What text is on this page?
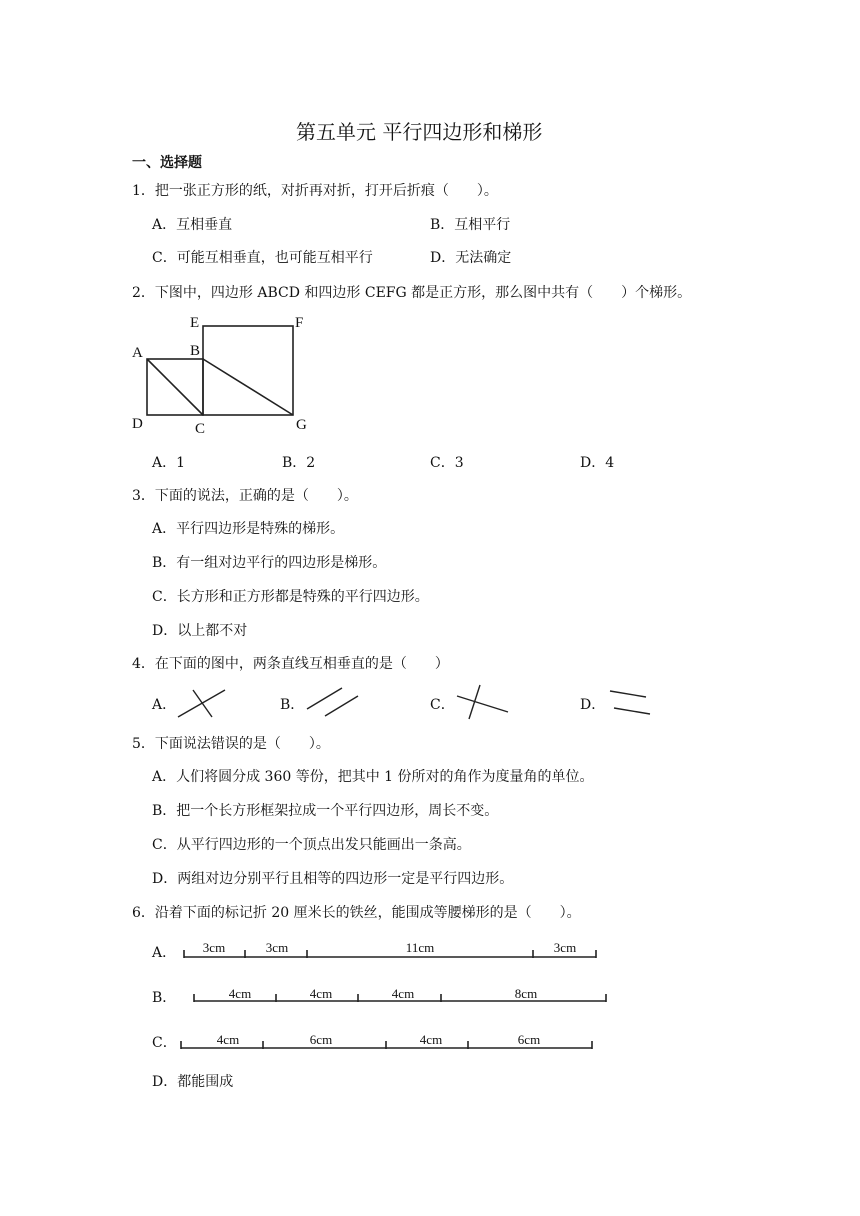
第五单元 平行四边形和梯形
一、选择题
1．把一张正方形的纸，对折再对折，打开后折痕（　　）。
A．互相垂直	B．互相平行
C．可能互相垂直，也可能互相平行	D．无法确定
2．下图中，四边形 ABCD 和四边形 CEFG 都是正方形，那么图中共有（　　）个梯形。
A	B
D	C
E	F
G
A．1	B．2	C．3	D．4
3．下面的说法，正确的是（　　）。
A．平行四边形是特殊的梯形。
B．有一组对边平行的四边形是梯形。
C．长方形和正方形都是特殊的平行四边形。
D．以上都不对
4．在下面的图中，两条直线互相垂直的是（　　）
A．	B．	C．	D．
5．下面说法错误的是（　　）。
A．人们将圆分成 360 等份，把其中 1 份所对的角作为度量角的单位。
B．把一个长方形框架拉成一个平行四边形，周长不变。
C．从平行四边形的一个顶点出发只能画出一条高。
D．两组对边分别平行且相等的四边形一定是平行四边形。
6．沿着下面的标记折 20 厘米长的铁丝，能围成等腰梯形的是（　　）。
A．
B．
C．
3cm	3cm	11cm	3cm
4cm	4cm	4cm	8cm
4cm	6cm	4cm	6cm
D．都能围成
